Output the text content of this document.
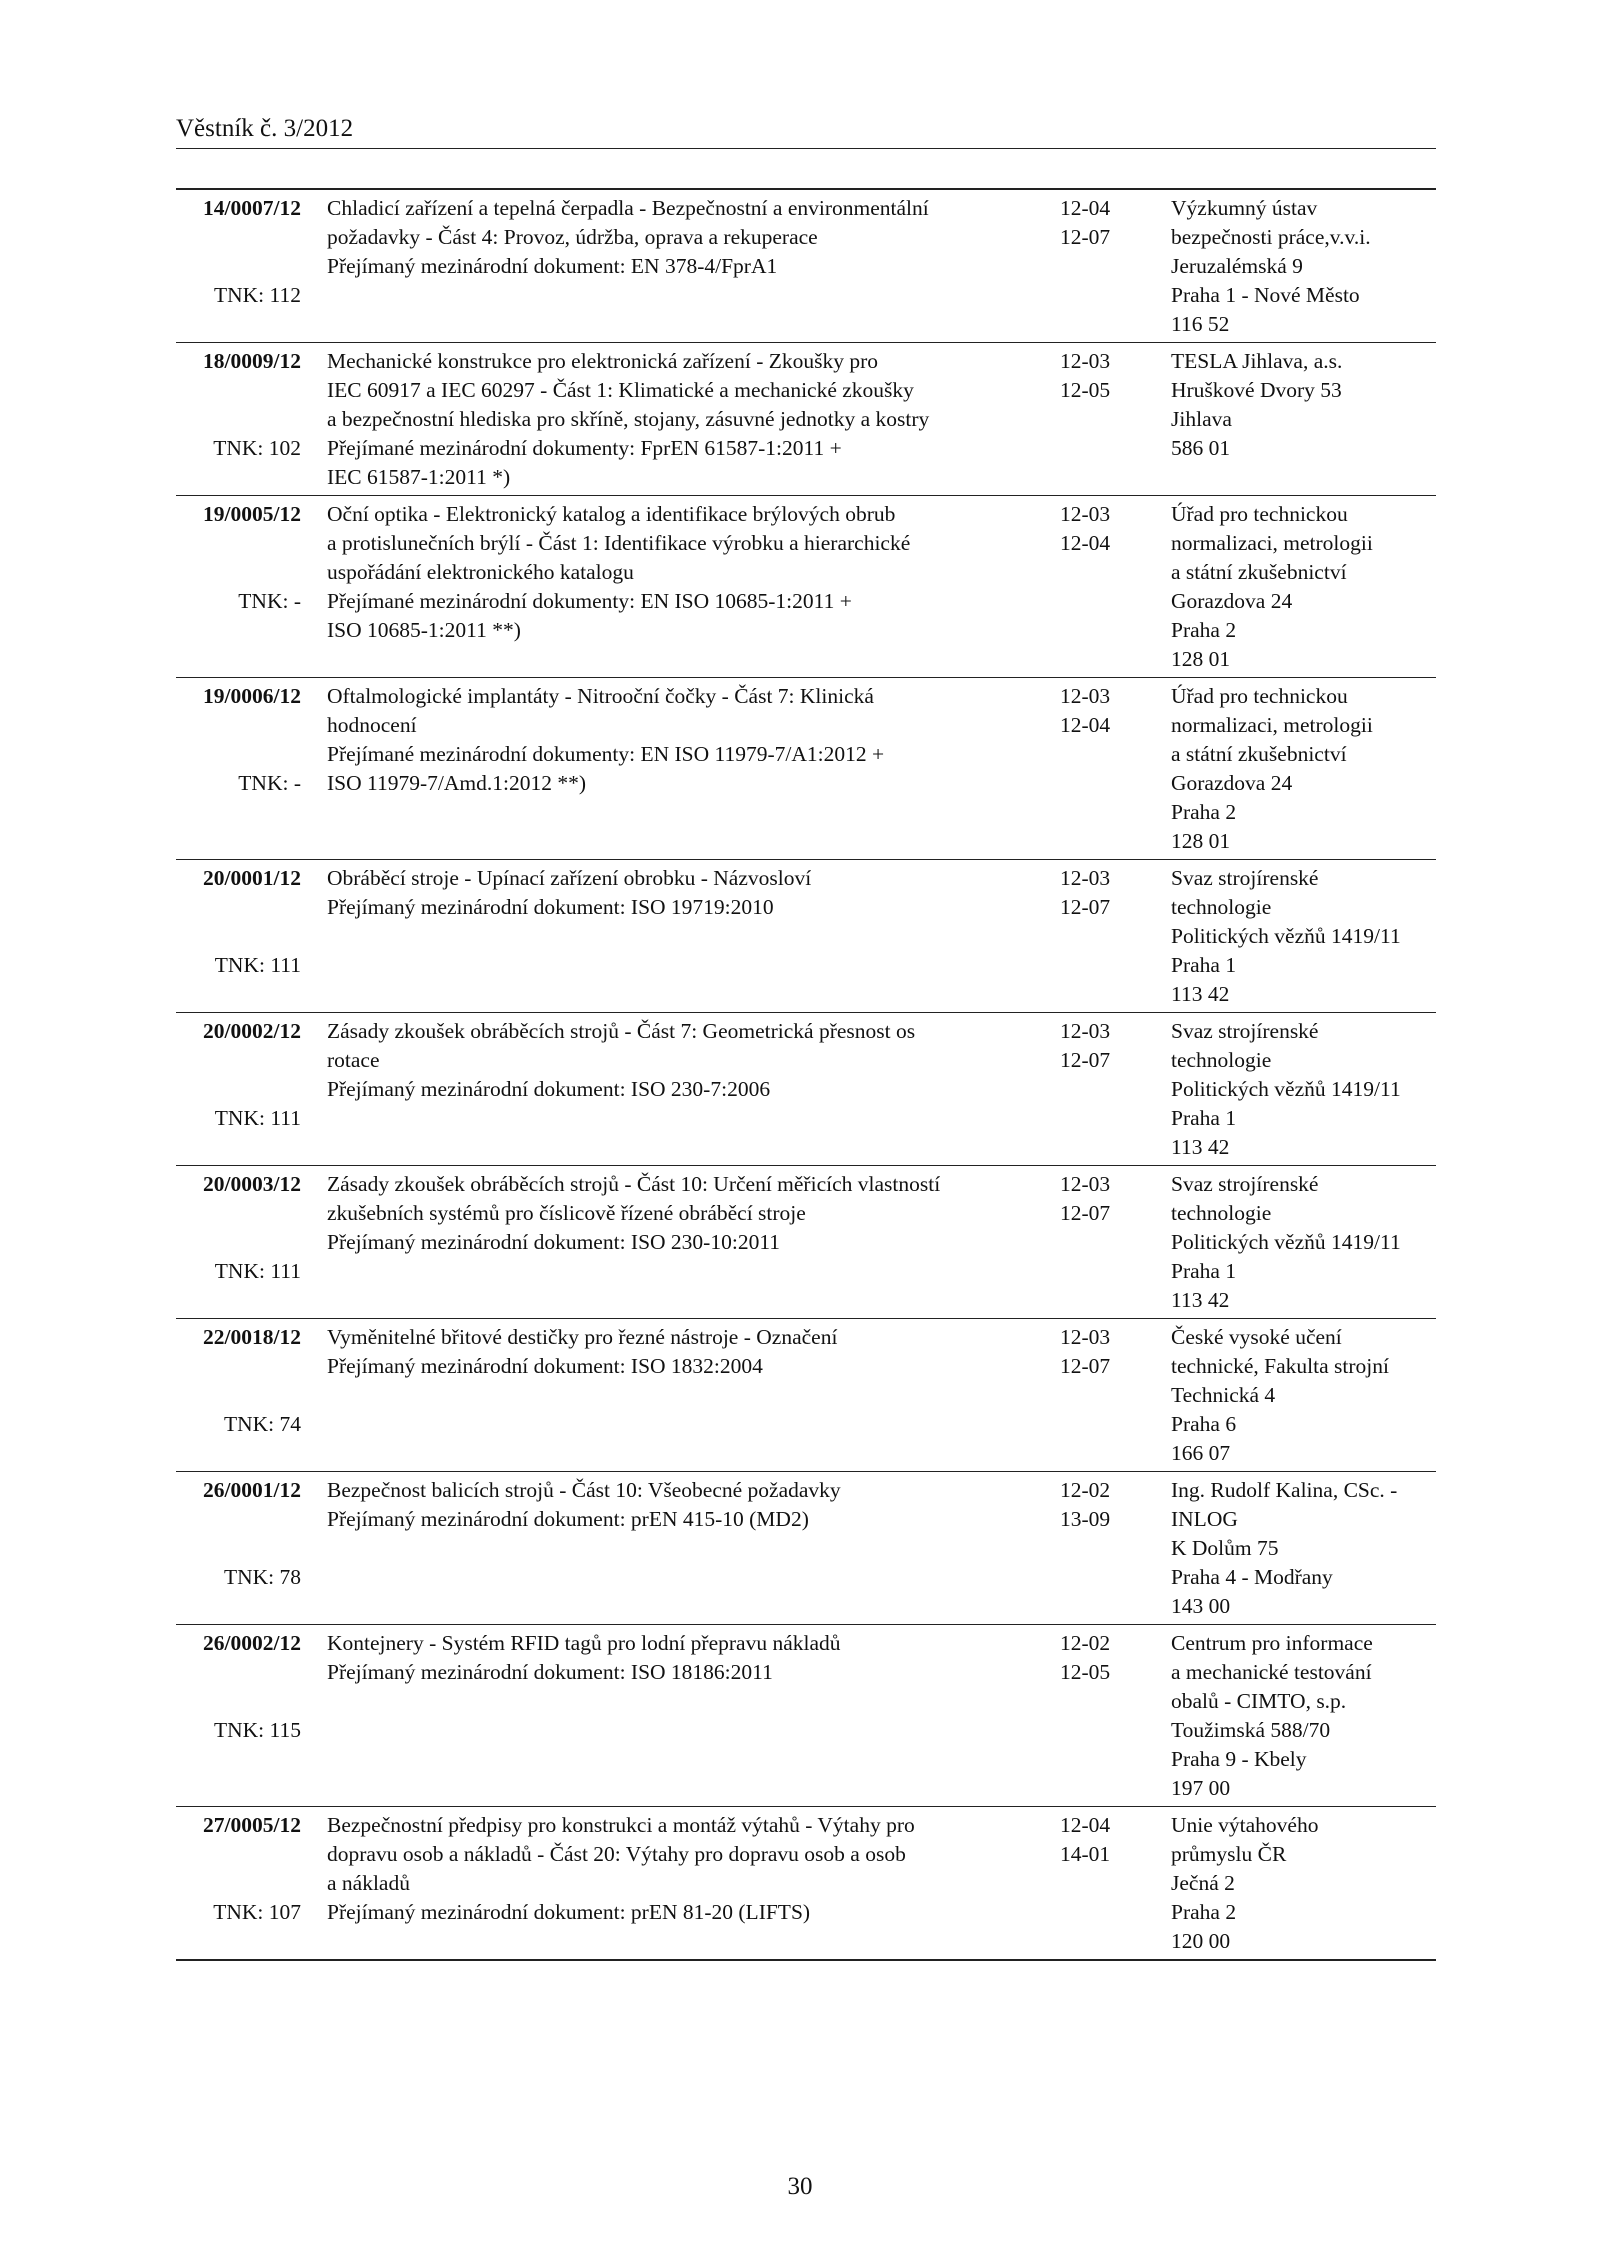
Věstník č. 3/2012
14/0007/12
TNK: 112
Chladicí zařízení a tepelná čerpadla - Bezpečnostní a environmentální
požadavky - Část 4: Provoz, údržba, oprava a rekuperace
Přejímaný mezinárodní dokument: EN 378-4/FprA1
12-04
12-07
Výzkumný ústav
bezpečnosti práce,v.v.i.
Jeruzalémská 9
Praha 1 - Nové Město
116 52
18/0009/12
TNK: 102
Mechanické konstrukce pro elektronická zařízení - Zkoušky pro
IEC 60917 a IEC 60297 - Část 1: Klimatické a mechanické zkoušky
a bezpečnostní hlediska pro skříně, stojany, zásuvné jednotky a kostry
Přejímané mezinárodní dokumenty: FprEN 61587-1:2011 +
IEC 61587-1:2011 *)
12-03
12-05
TESLA Jihlava, a.s.
Hruškové Dvory 53
Jihlava
586 01
19/0005/12
TNK: -
Oční optika - Elektronický katalog a identifikace brýlových obrub
a protislunečních brýlí - Část 1: Identifikace výrobku a hierarchické
uspořádání elektronického katalogu
Přejímané mezinárodní dokumenty: EN ISO 10685-1:2011 +
ISO 10685-1:2011 **)
12-03
12-04
Úřad pro technickou
normalizaci, metrologii
a státní zkušebnictví
Gorazdova 24
Praha 2
128 01
19/0006/12
TNK: -
Oftalmologické implantáty - Nitrooční čočky - Část 7: Klinická
hodnocení
Přejímané mezinárodní dokumenty: EN ISO 11979-7/A1:2012 +
ISO 11979-7/Amd.1:2012 **)
12-03
12-04
Úřad pro technickou
normalizaci, metrologii
a státní zkušebnictví
Gorazdova 24
Praha 2
128 01
20/0001/12
TNK: 111
Obráběcí stroje - Upínací zařízení obrobku - Názvosloví
Přejímaný mezinárodní dokument: ISO 19719:2010
12-03
12-07
Svaz strojírenské
technologie
Politických vězňů 1419/11
Praha 1
113 42
20/0002/12
TNK: 111
Zásady zkoušek obráběcích strojů - Část 7: Geometrická přesnost os
rotace
Přejímaný mezinárodní dokument: ISO 230-7:2006
12-03
12-07
Svaz strojírenské
technologie
Politických vězňů 1419/11
Praha 1
113 42
20/0003/12
TNK: 111
Zásady zkoušek obráběcích strojů - Část 10: Určení měřicích vlastností
zkušebních systémů pro číslicově řízené obráběcí stroje
Přejímaný mezinárodní dokument: ISO 230-10:2011
12-03
12-07
Svaz strojírenské
technologie
Politických vězňů 1419/11
Praha 1
113 42
22/0018/12
TNK: 74
Vyměnitelné břitové destičky pro řezné nástroje - Označení
Přejímaný mezinárodní dokument: ISO 1832:2004
12-03
12-07
České vysoké učení
technické, Fakulta strojní
Technická 4
Praha 6
166 07
26/0001/12
TNK: 78
Bezpečnost balicích strojů - Část 10: Všeobecné požadavky
Přejímaný mezinárodní dokument: prEN 415-10 (MD2)
12-02
13-09
Ing. Rudolf Kalina, CSc. -
INLOG
K Dolům 75
Praha 4 - Modřany
143 00
26/0002/12
TNK: 115
Kontejnery - Systém RFID tagů pro lodní přepravu nákladů
Přejímaný mezinárodní dokument: ISO 18186:2011
12-02
12-05
Centrum pro informace
a mechanické testování
obalů - CIMTO, s.p.
Toužimská 588/70
Praha 9 - Kbely
197 00
27/0005/12
TNK: 107
Bezpečnostní předpisy pro konstrukci a montáž výtahů - Výtahy pro
dopravu osob a nákladů - Část 20: Výtahy pro dopravu osob a osob
a nákladů
Přejímaný mezinárodní dokument: prEN 81-20 (LIFTS)
12-04
14-01
Unie výtahového
průmyslu ČR
Ječná 2
Praha 2
120 00
30
